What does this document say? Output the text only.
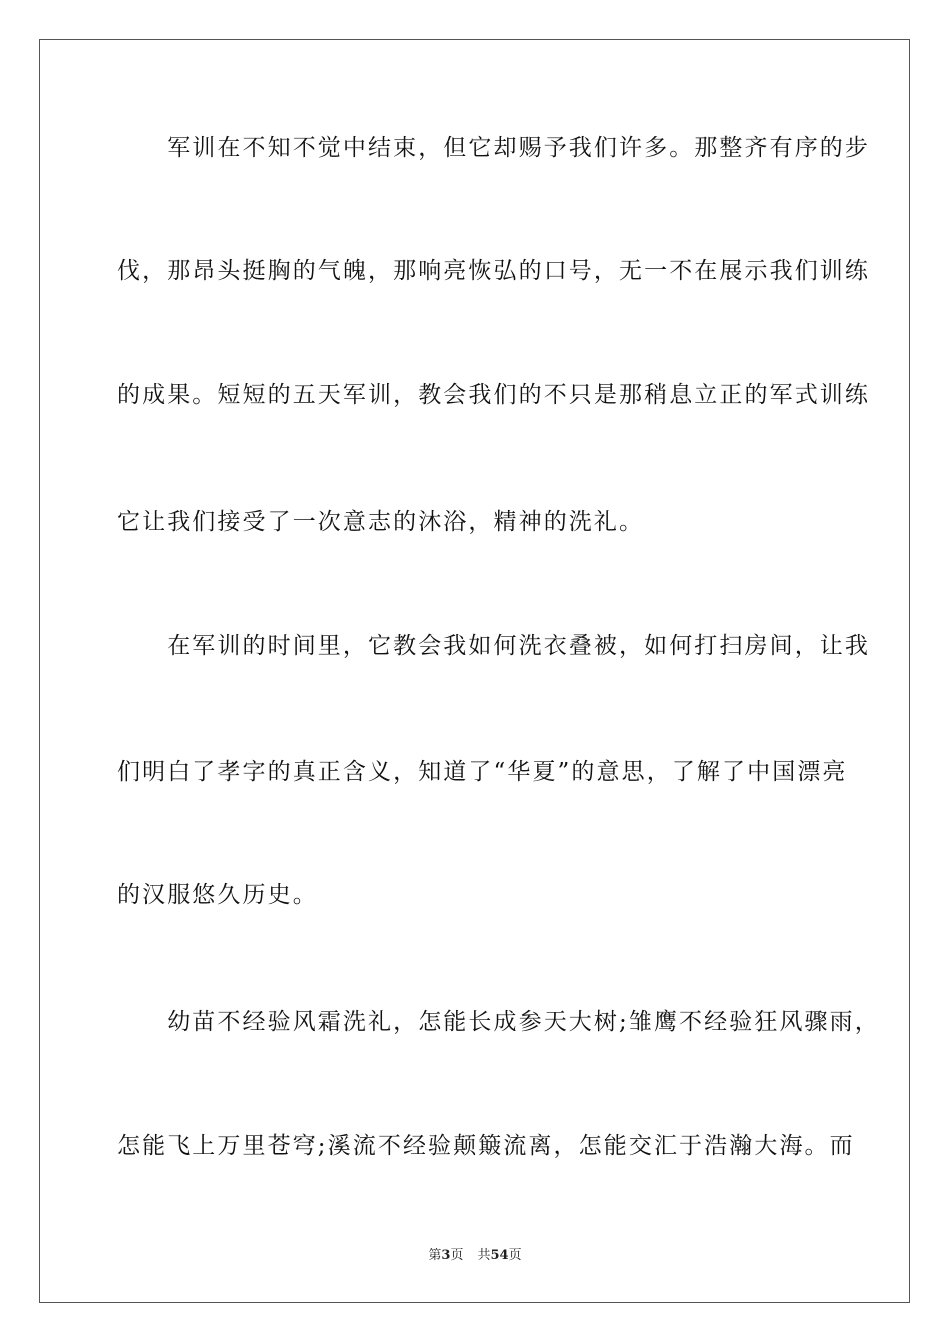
　　军训在不知不觉中结束，但它却赐予我们许多。那整齐有序的步
伐，那昂头挺胸的气魄，那响亮恢弘的口号，无一不在展示我们训练
的成果。短短的五天军训，教会我们的不只是那稍息立正的军式训练
它让我们接受了一次意志的沐浴，精神的洗礼。
　　在军训的时间里，它教会我如何洗衣叠被，如何打扫房间，让我
们明白了孝字的真正含义，知道了“华夏”的意思，了解了中国漂亮
的汉服悠久历史。
　　幼苗不经验风霜洗礼，怎能长成参天大树;雏鹰不经验狂风骤雨，
怎能飞上万里苍穹;溪流不经验颠簸流离，怎能交汇于浩瀚大海。而
第3页 共54页
